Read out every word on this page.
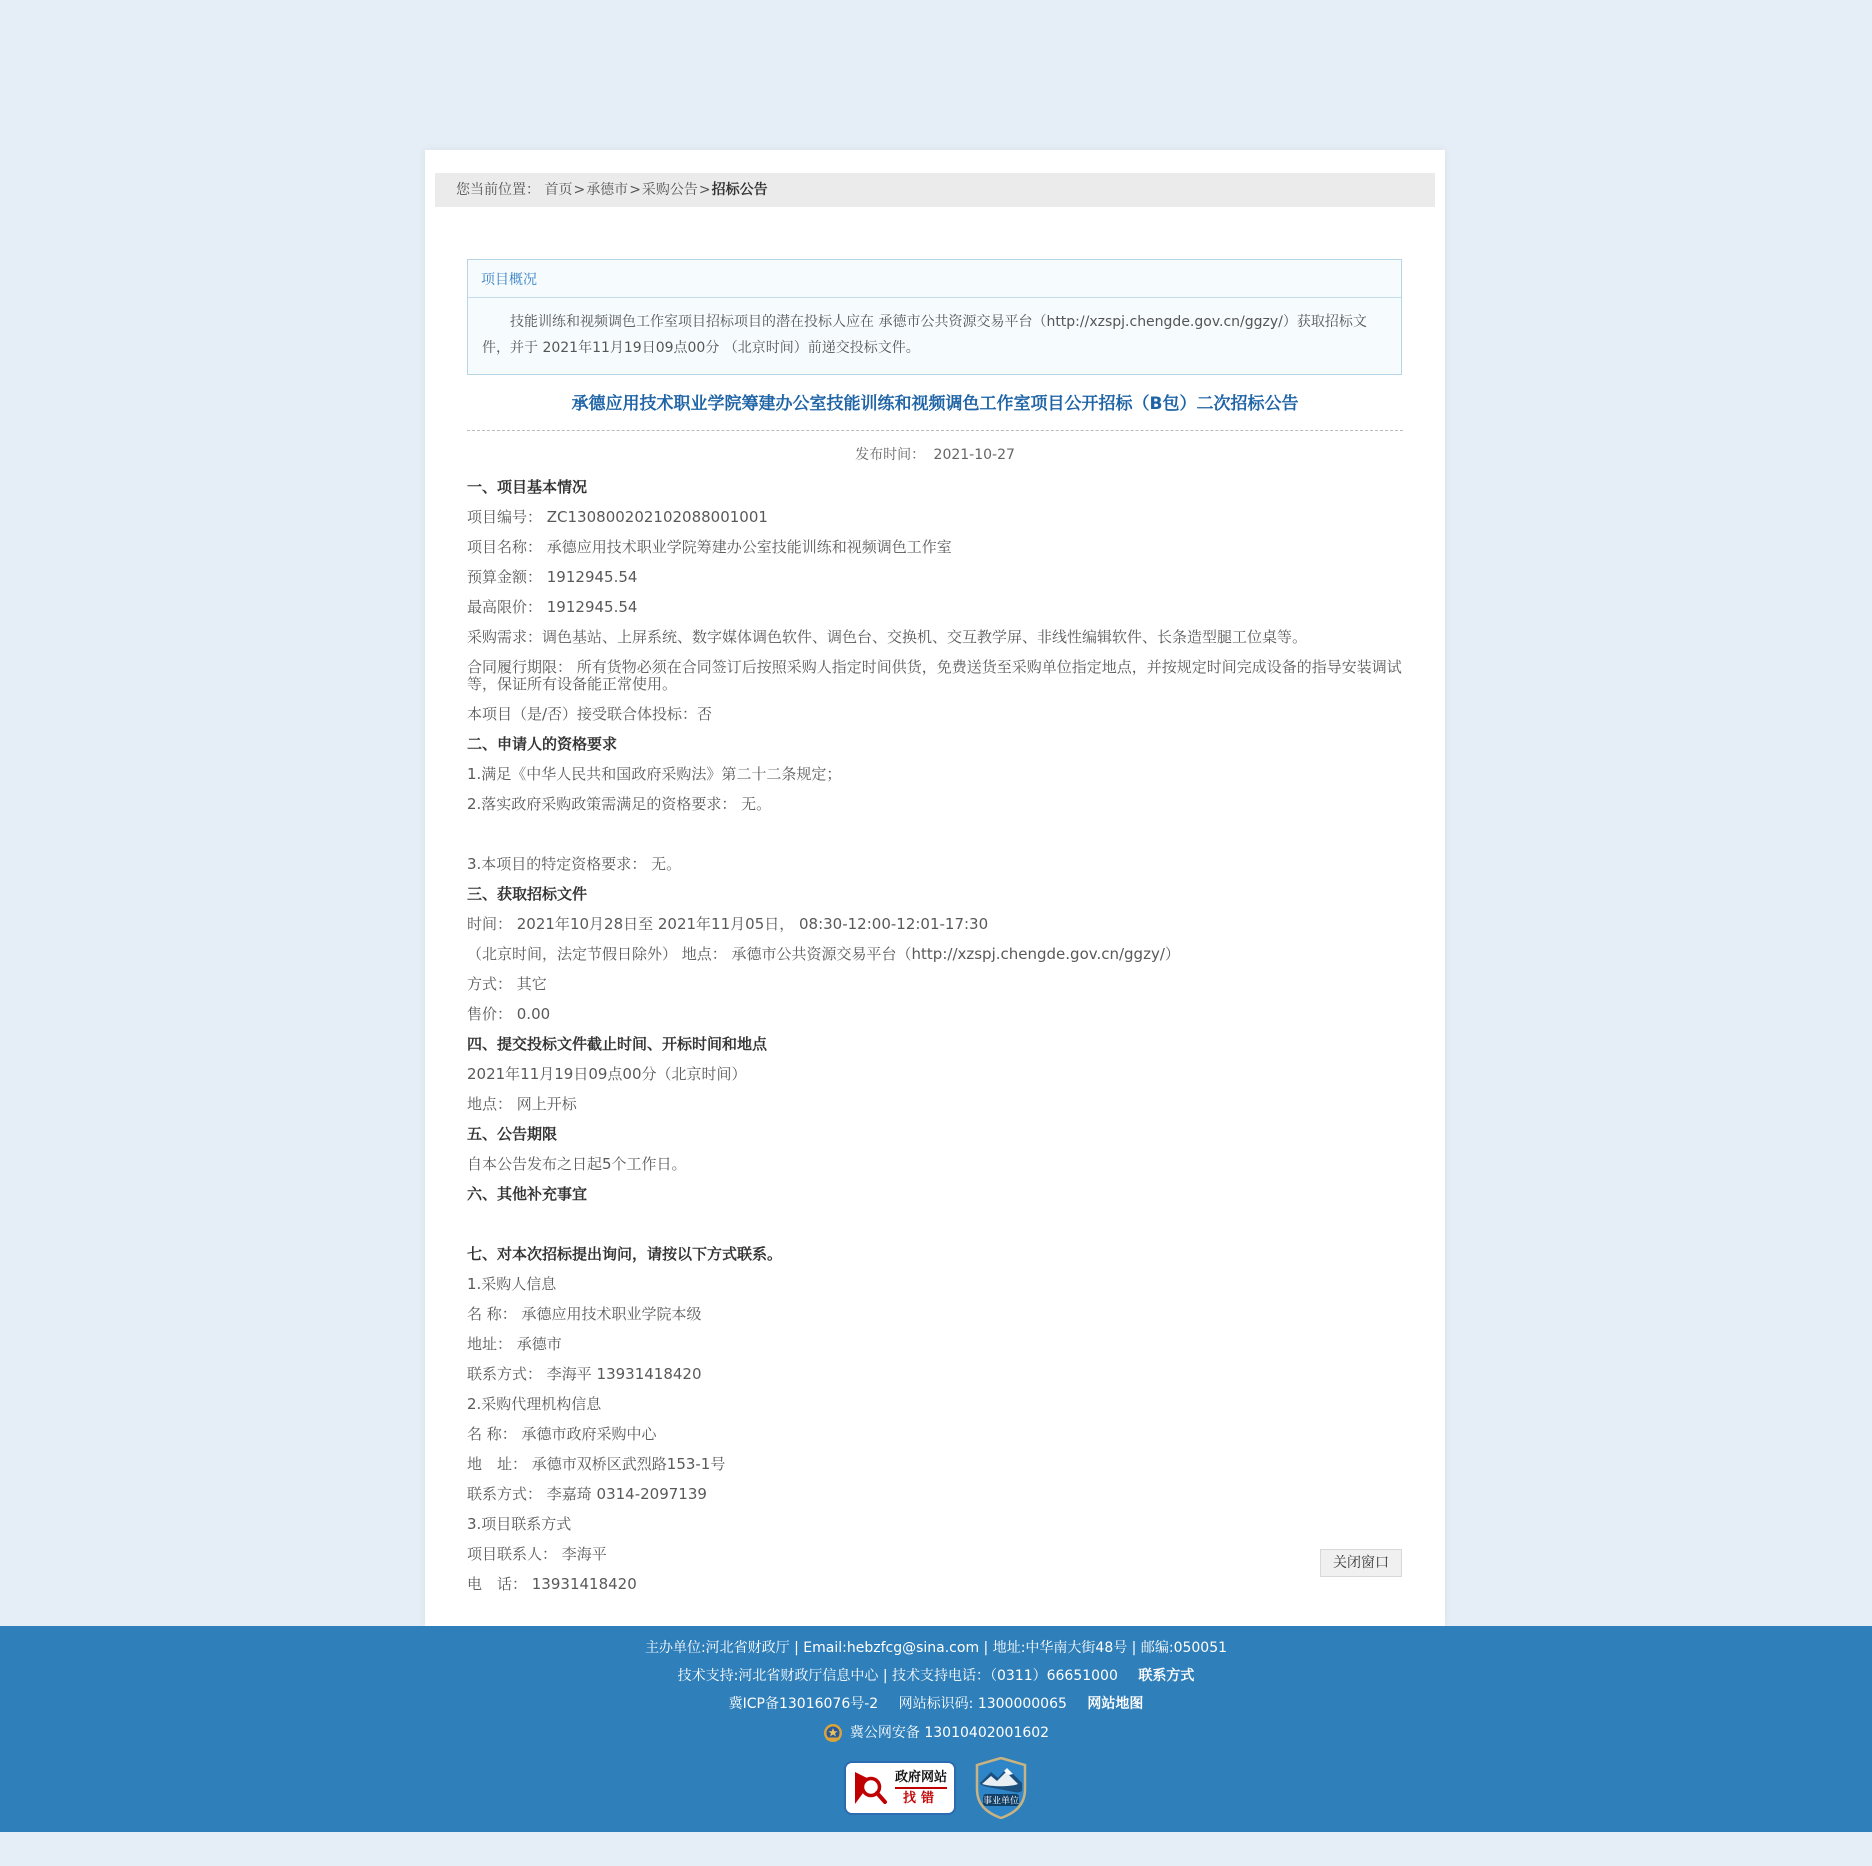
您当前位置： 首页>承德市>采购公告>招标公告
项目概况
技能训练和视频调色工作室项目招标项目的潜在投标人应在 承德市公共资源交易平台（http://xzspj.chengde.gov.cn/ggzy/）获取招标文件，并于 2021年11月19日09点00分 （北京时间）前递交投标文件。
承德应用技术职业学院筹建办公室技能训练和视频调色工作室项目公开招标（B包）二次招标公告
发布时间： 2021-10-27

一、项目基本情况

项目编号： ZC130800202102088001001

项目名称： 承德应用技术职业学院筹建办公室技能训练和视频调色工作室

预算金额： 1912945.54

最高限价： 1912945.54

采购需求：调色基站、上屏系统、数字媒体调色软件、调色台、交换机、交互教学屏、非线性编辑软件、长条造型腿工位桌等。

合同履行期限： 所有货物必须在合同签订后按照采购人指定时间供货，免费送货至采购单位指定地点，并按规定时间完成设备的指导安装调试等，保证所有设备能正常使用。

本项目（是/否）接受联合体投标：否

二、申请人的资格要求

1.满足《中华人民共和国政府采购法》第二十二条规定；

2.落实政府采购政策需满足的资格要求： 无。

3.本项目的特定资格要求： 无。

三、获取招标文件

时间： 2021年10月28日至 2021年11月05日， 08:30-12:00-12:01-17:30

（北京时间，法定节假日除外） 地点： 承德市公共资源交易平台（http://xzspj.chengde.gov.cn/ggzy/）

方式： 其它

售价： 0.00

四、提交投标文件截止时间、开标时间和地点

2021年11月19日09点00分（北京时间）

地点： 网上开标

五、公告期限

自本公告发布之日起5个工作日。

六、其他补充事宜

七、对本次招标提出询问，请按以下方式联系。

1.采购人信息

名 称： 承德应用技术职业学院本级

地址： 承德市

联系方式： 李海平 13931418420

2.采购代理机构信息

名 称： 承德市政府采购中心

地　址： 承德市双桥区武烈路153-1号

联系方式： 李嘉琦 0314-2097139

3.项目联系方式

项目联系人： 李海平

电　话： 13931418420

关闭窗口
主办单位:河北省财政厅 | Email:hebzfcg@sina.com | 地址:中华南大街48号 | 邮编:050051
技术支持:河北省财政厅信息中心 | 技术支持电话：（0311）66651000 联系方式
冀ICP备13016076号-2 网站标识码: 1300000065 网站地图
冀公网安备 13010402001602
政府网站
找错	事业单位
